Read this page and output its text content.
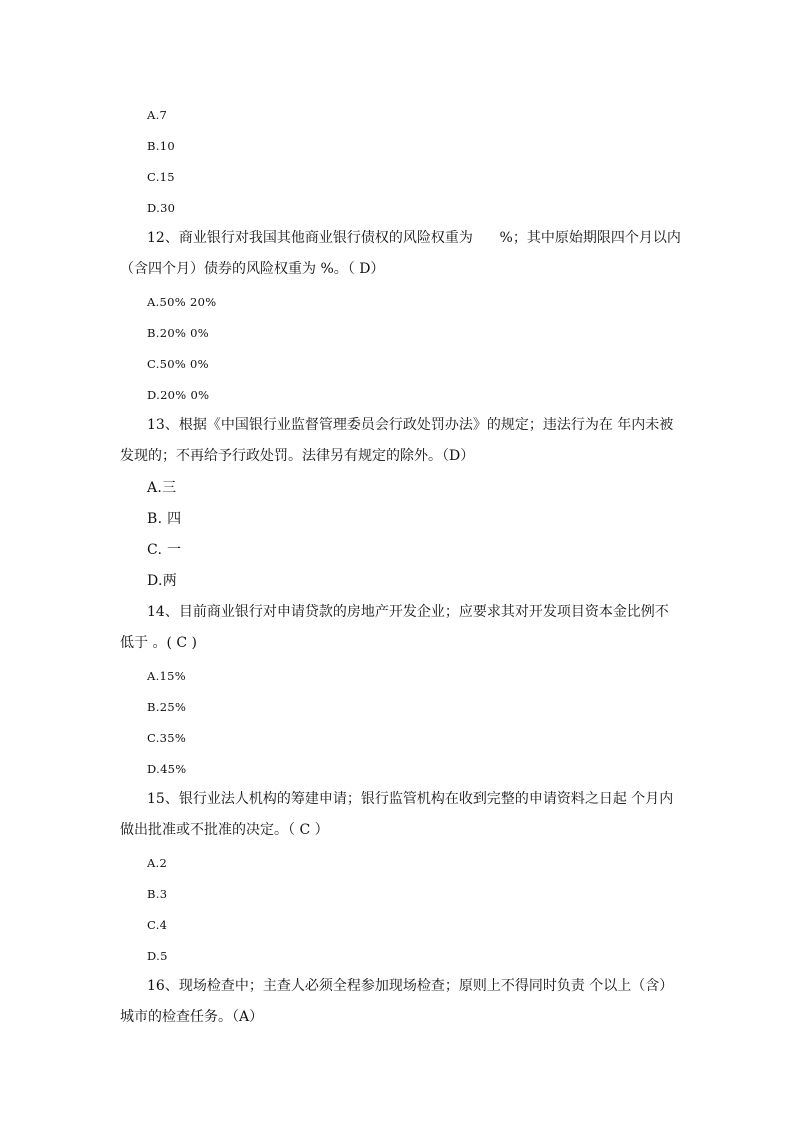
A.7
B.10
C.15
D.30
12、商业银行对我国其他商业银行债权的风险权重为      %；其中原始期限四个月以内
（含四个月）债券的风险权重为 %。（ D）
A.50% 20%
B.20% 0%
C.50% 0%
D.20% 0%
13、根据《中国银行业监督管理委员会行政处罚办法》的规定；违法行为在 年内未被
发现的；不再给予行政处罚。法律另有规定的除外。（D）
A.三
B. 四
C. 一
D.两
14、目前商业银行对申请贷款的房地产开发企业；应要求其对开发项目资本金比例不
低于 。( C )
A.15%
B.25%
C.35%
D.45%
15、银行业法人机构的筹建申请；银行监管机构在收到完整的申请资料之日起 个月内
做出批准或不批准的决定。（ C ）
A.2
B.3
C.4
D.5
16、现场检查中；主查人必须全程参加现场检查；原则上不得同时负责 个以上（含）
城市的检查任务。（A）
